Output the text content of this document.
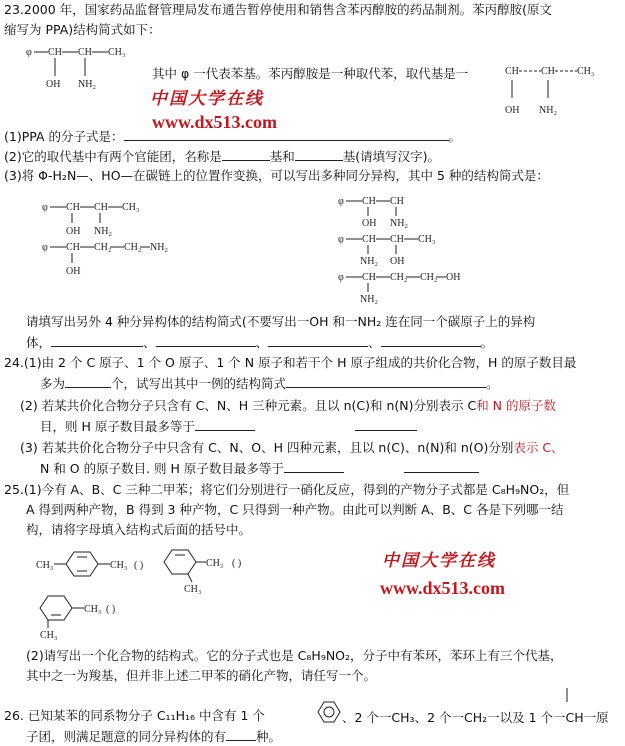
23.2000 年，国家药品监督管理局发布通告暂停使用和销售含苯丙醇胺的药品制剂。苯丙醇胺(原文
缩写为 PPA)结构简式如下：
φ CH CH CH₃
OH NH₂
其中 φ 一代表苯基。苯丙醇胺是一种取代苯，取代基是一	CH CH CH₃
OH NH₂
中国大学在线
www.dx513.com
(1)PPA 的分子式是：	。
(2)它的取代基中有两个官能团，名称是	基和	基(请填写汉字)。
(3)将 Φ-H₂N—、HO—在碳链上的位置作变换，可以写出多种同分异构，其中 5 种的结构简式是：
φ CH CH CH₃
OH NH₂
φ CH CH₂ CH₂ NH₂
OH
φ CH CH
OH NH₂
φ CH CH CH₃
NH₂ OH
φ CH CH₂ CH₂ OH
NH₂
请填写出另外 4 种分异构体的结构简式(不要写出一OH 和一NH₂ 连在同一个碳原子上的异构
体，	、	、	、	。
24.(1)由 2 个 C 原子、1 个 O 原子、1 个 N 原子和若干个 H 原子组成的共价化合物，H 的原子数目最
多为	个，试写出其中一例的结构简式	。
(2) 若某共价化合物分子只含有 C、N、H 三种元素。且以 n(C)和 n(N)分别表示 C和 N 的原子数
目，则 H 原子数目最多等于
(3) 若某共价化合物分子中只含有 C、N、O、H 四种元素，且以 n(C)、n(N)和 n(O)分别表示 C、
N 和 O 的原子数目. 则 H 原子数目最多等于
25.(1)今有 A、B、C 三种二甲苯；将它们分别进行一硝化反应，得到的产物分子式都是 C₈H₉NO₂，但
A 得到两种产物，B 得到 3 种产物，C 只得到一种产物。由此可以判断 A、B、C 各是下列哪一结
构，请将字母填入结构式后面的括号中。
CH₃	CH₃ ( )	CH₃
CH₃
( )
CH₃
CH₃
( )
中国大学在线
www.dx513.com
(2)请写出一个化合物的结构式。它的分子式也是 C₈H₉NO₂，分子中有苯环，苯环上有三个代基，
其中之一为羧基，但并非上述二甲苯的硝化产物，请任写一个。
26. 已知某苯的同系物分子 C₁₁H₁₆ 中含有 1 个	、2 个一CH₃、2 个一CH₂一以及 1 个一CH一原
子团，则满足题意的同分异构体的有 种。
